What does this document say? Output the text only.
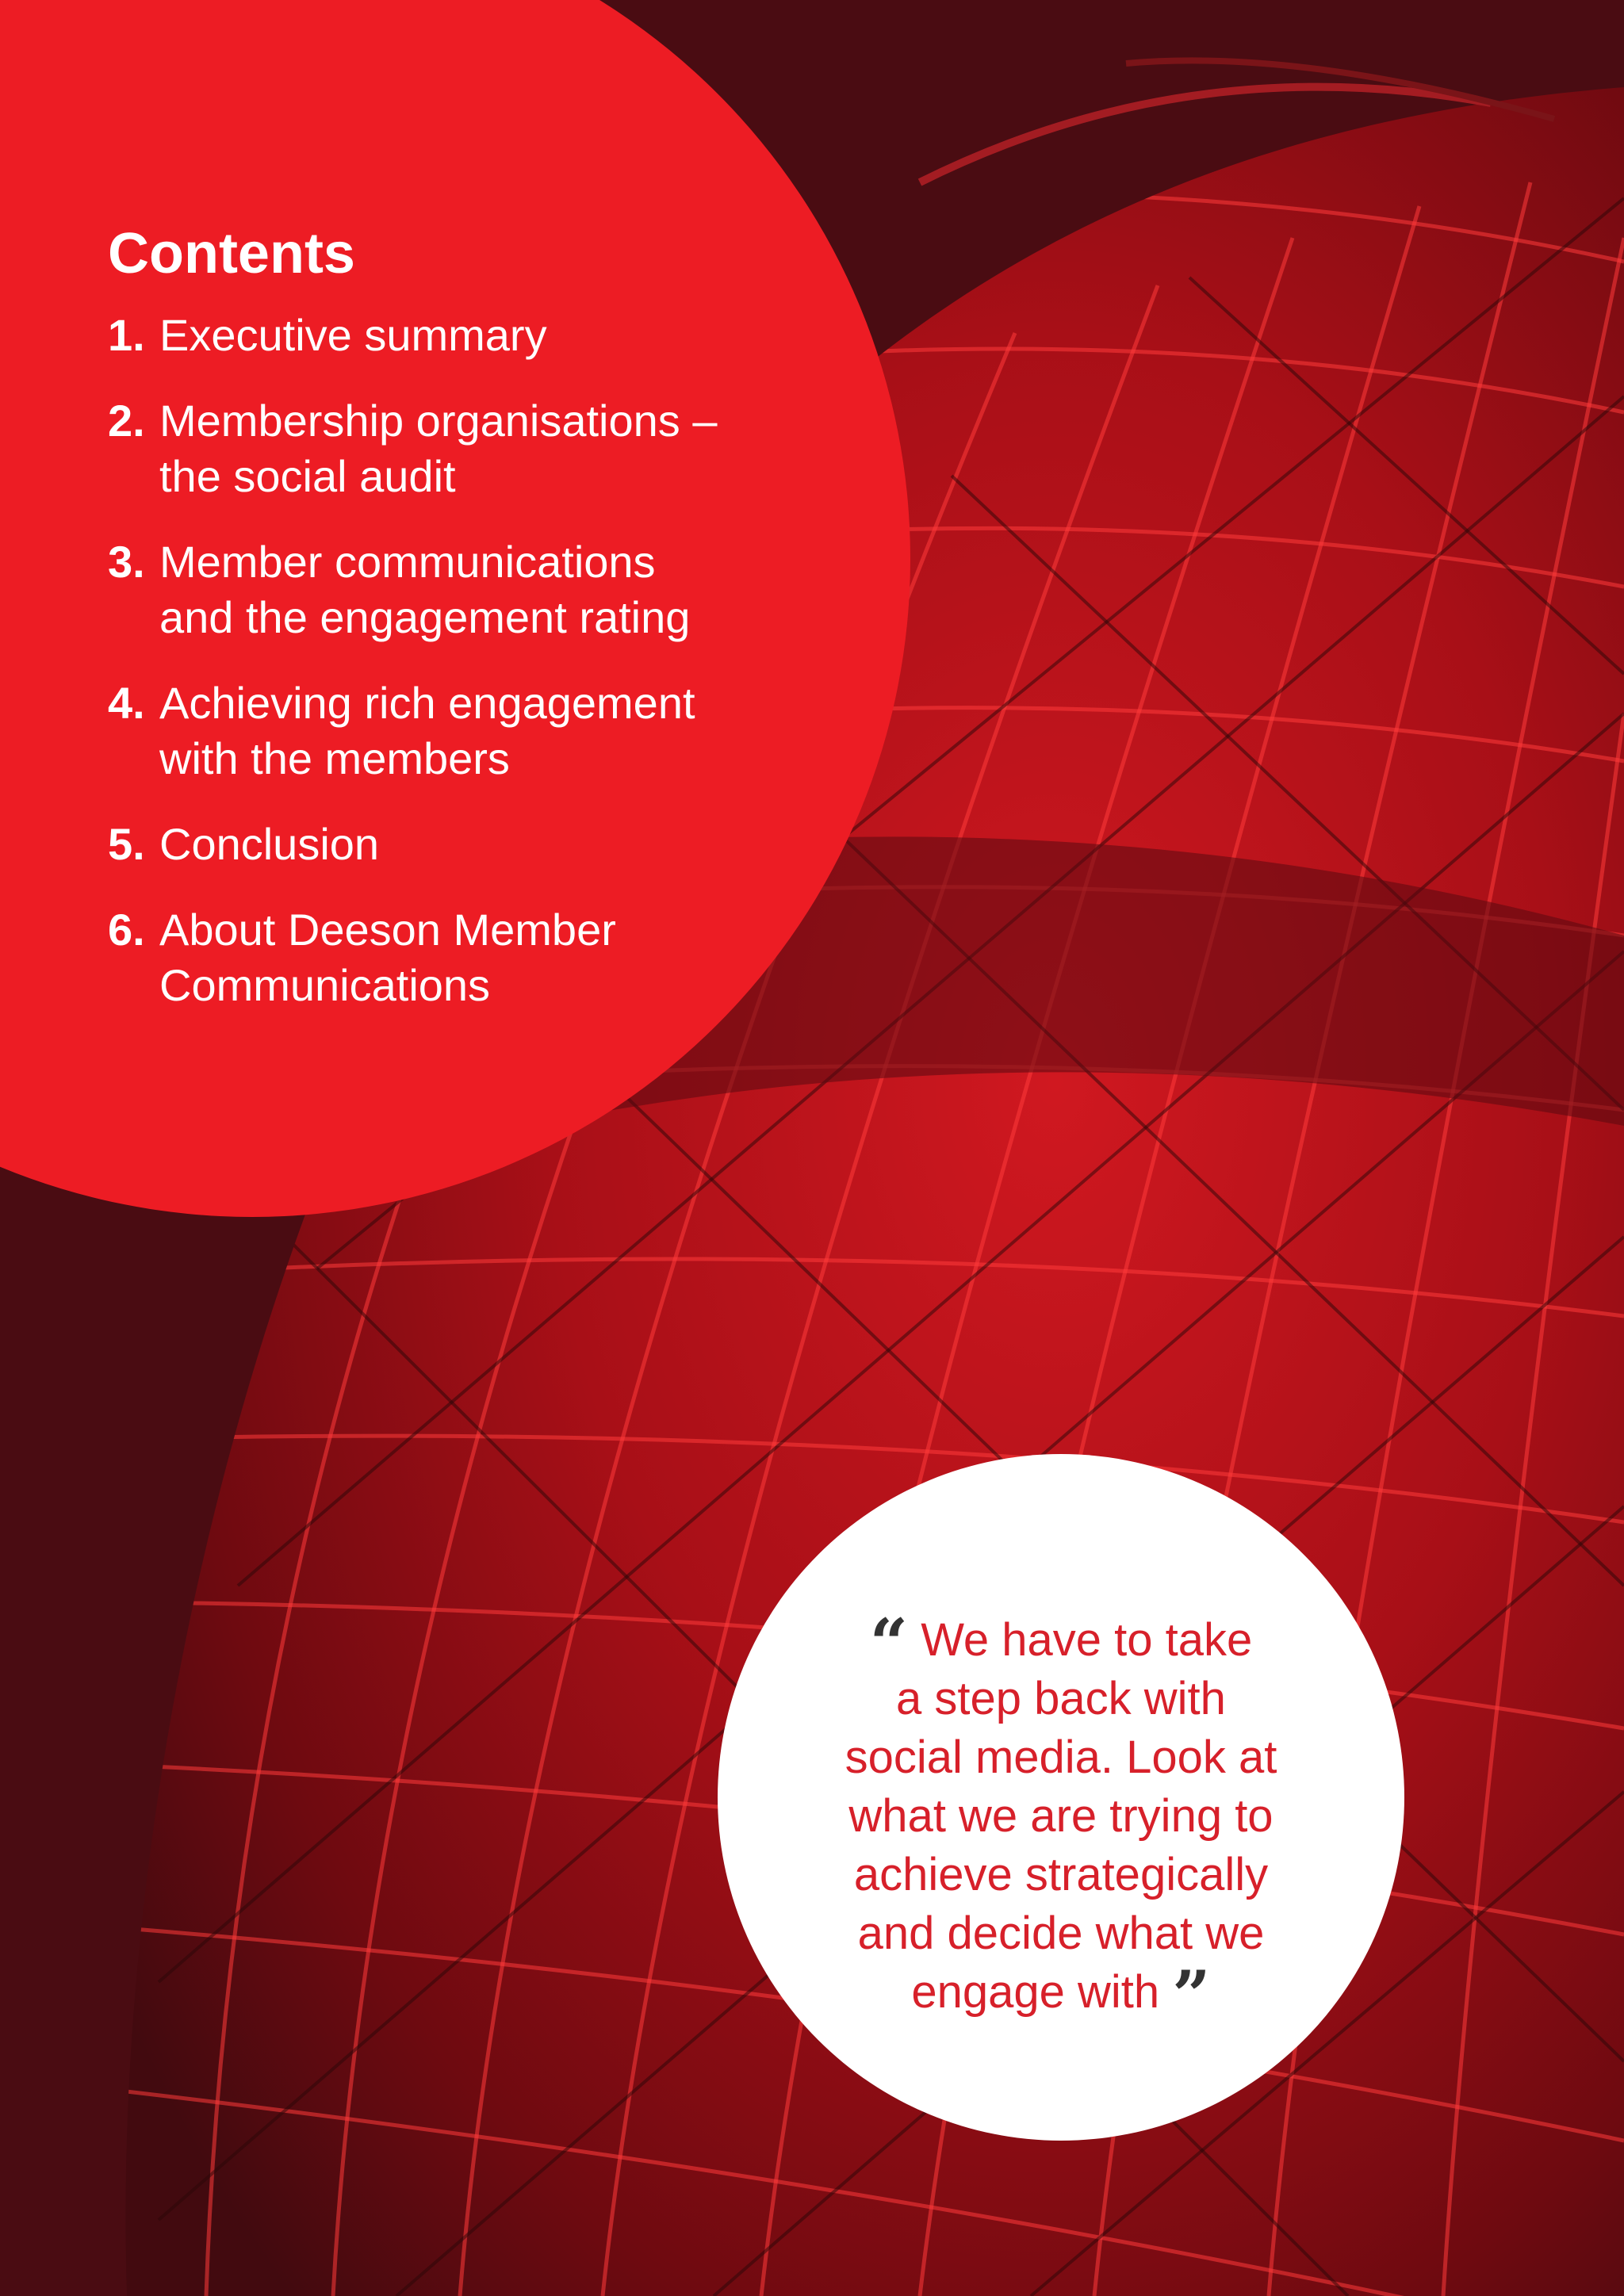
Contents
1. Executive summary
2. Membership organisations –
the social audit
3. Member communications
and the engagement rating
4. Achieving rich engagement
with the members
5. Conclusion
6. About Deeson Member
Communications
“ We have to take
a step back with
social media. Look at
what we are trying to
achieve strategically
and decide what we
engage with ”
